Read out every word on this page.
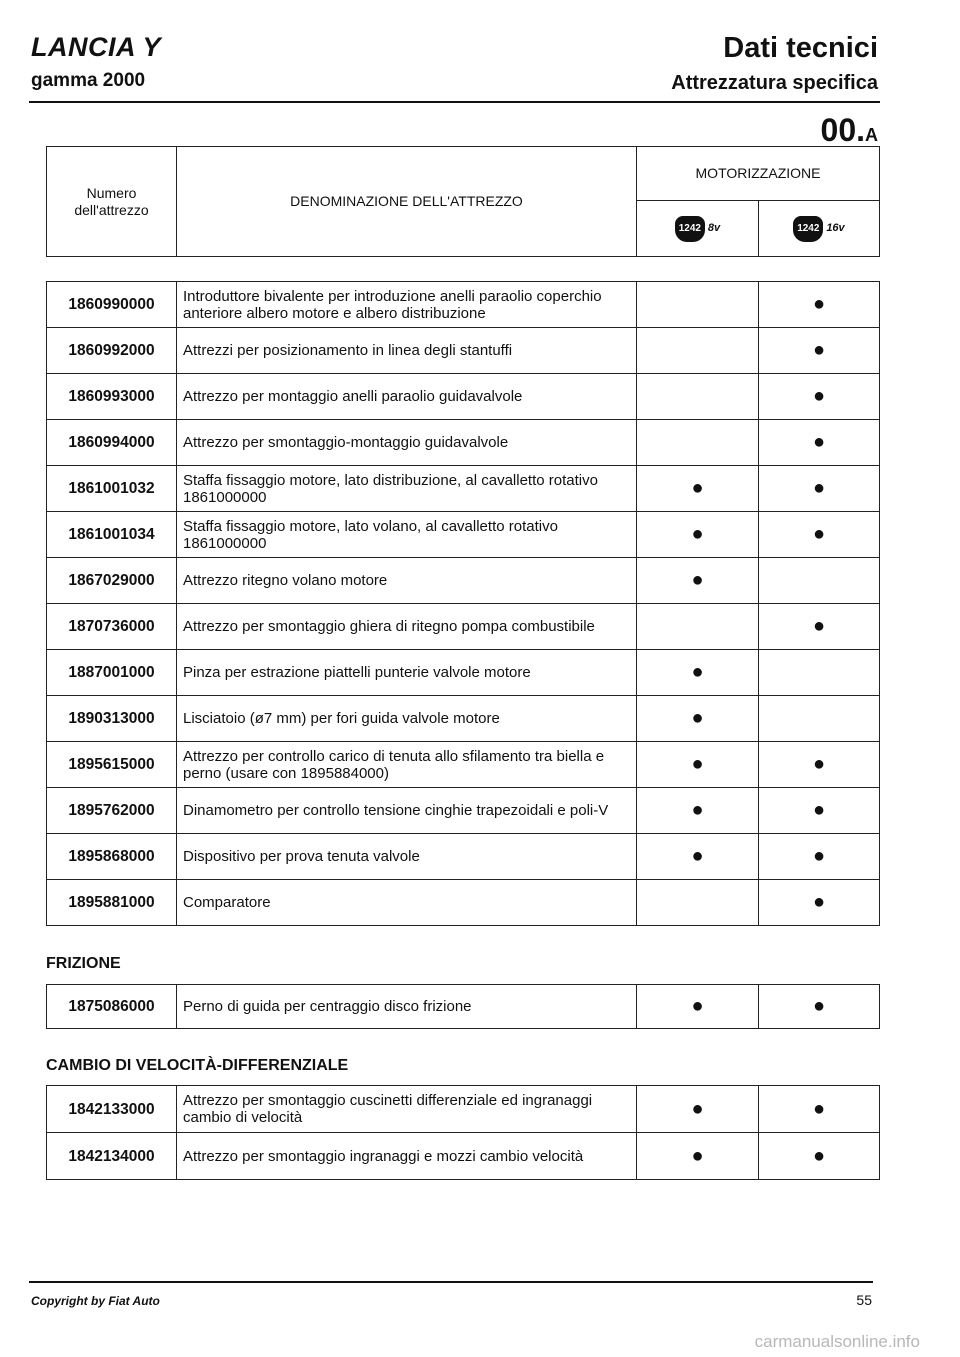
LANCIA Y
gamma 2000
Dati tecnici
Attrezzatura specifica
00.A
Numero dell'attrezzo	DENOMINAZIONE DELL'ATTREZZO	MOTORIZZAZIONE	

		1242 8v	1242 16v
1860990000	Introduttore bivalente per introduzione anelli paraolio coperchio anteriore albero motore e albero distribuzione		●
1860992000	Attrezzi per posizionamento in linea degli stantuffi		●
1860993000	Attrezzo per montaggio anelli paraolio guidavalvole		●
1860994000	Attrezzo per smontaggio-montaggio guidavalvole		●
1861001032	Staffa fissaggio motore, lato distribuzione, al cavalletto rotativo 1861000000	●	●
1861001034	Staffa fissaggio motore, lato volano, al cavalletto rotativo 1861000000	●	●
1867029000	Attrezzo ritegno volano motore	●	
1870736000	Attrezzo per smontaggio ghiera di ritegno pompa combustibile		●
1887001000	Pinza per estrazione piattelli punterie valvole motore	●	
1890313000	Lisciatoio (ø7 mm) per fori guida valvole motore	●	
1895615000	Attrezzo per controllo carico di tenuta allo sfilamento tra biella e perno (usare con 1895884000)	●	●
1895762000	Dinamometro per controllo tensione cinghie trapezoidali e poli-V	●	●
1895868000	Dispositivo per prova tenuta valvole	●	●
1895881000	Comparatore		●
FRIZIONE
1875086000	Perno di guida per centraggio disco frizione	●	●
CAMBIO DI VELOCITÀ-DIFFERENZIALE
1842133000	Attrezzo per smontaggio cuscinetti differenziale ed ingranaggi cambio di velocità	●	●
1842134000	Attrezzo per smontaggio ingranaggi e mozzi cambio velocità	●	●
Copyright by Fiat Auto	55
carmanualsonline.info
